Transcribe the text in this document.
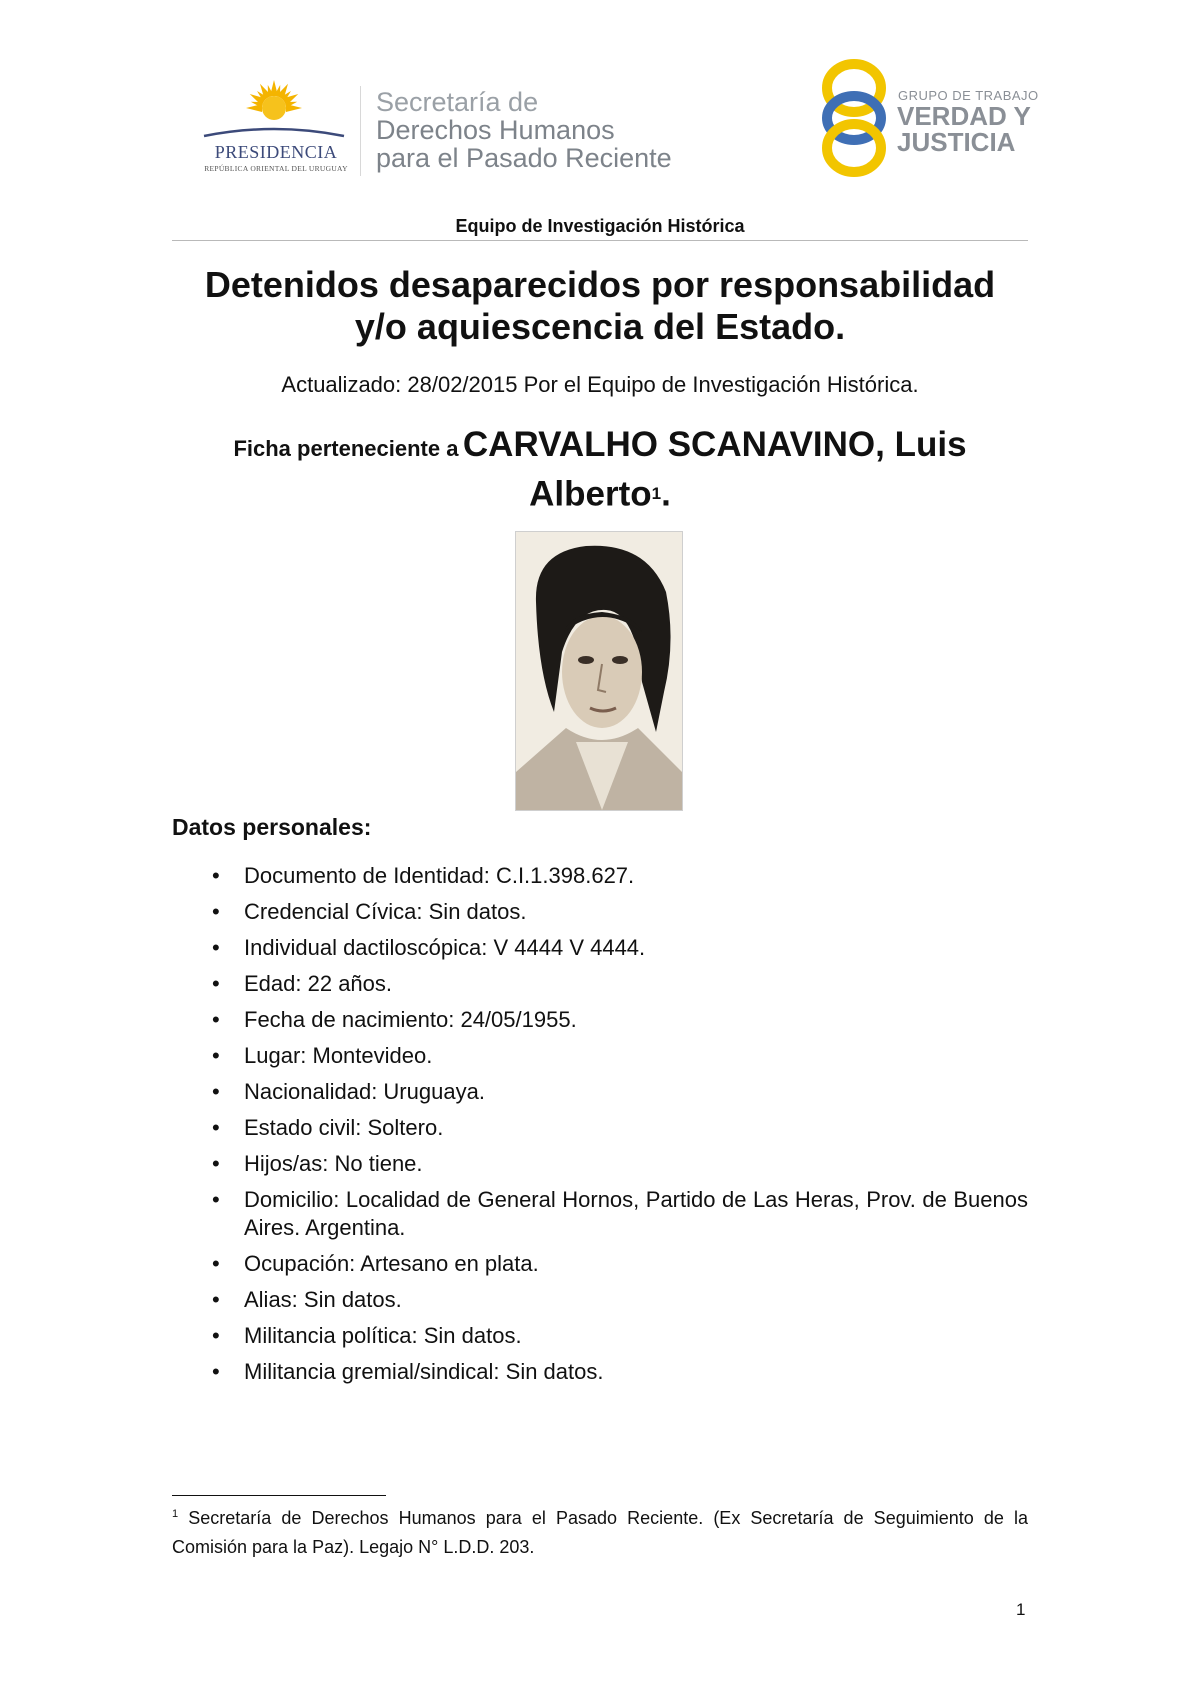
PRESIDENCIA
REPÚBLICA ORIENTAL DEL URUGUAY
Secretaría de
Derechos Humanos
para el Pasado Reciente
GRUPO DE TRABAJO
VERDAD Y
JUSTICIA
Equipo de Investigación Histórica
Detenidos desaparecidos por responsabilidad
y/o aquiescencia del Estado.
Actualizado: 28/02/2015 Por el Equipo de Investigación Histórica.
Ficha perteneciente a CARVALHO SCANAVINO, Luis
Alberto$^1$.
Datos personales:
• Documento de Identidad: C.I.1.398.627.
• Credencial Cívica: Sin datos.
• Individual dactiloscópica: V 4444 V 4444.
• Edad: 22 años.
• Fecha de nacimiento: 24/05/1955.
• Lugar: Montevideo.
• Nacionalidad: Uruguaya.
• Estado civil: Soltero.
• Hijos/as: No tiene.
• Domicilio: Localidad de General Hornos, Partido de Las Heras, Prov. de Buenos Aires. Argentina.
• Ocupación: Artesano en plata.
• Alias: Sin datos.
• Militancia política: Sin datos.
• Militancia gremial/sindical: Sin datos.
$^1$ Secretaría de Derechos Humanos para el Pasado Reciente. (Ex Secretaría de Seguimiento de la Comisión para la Paz). Legajo N° L.D.D. 203.
1
